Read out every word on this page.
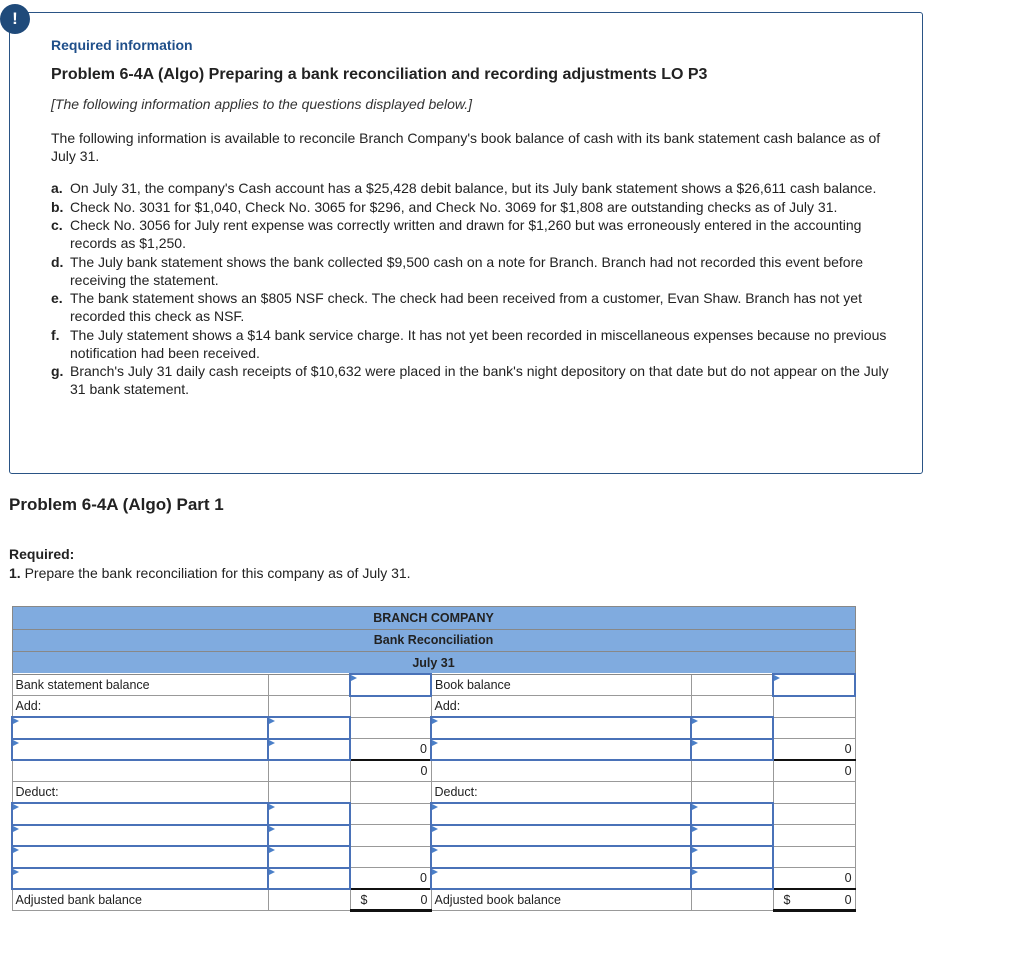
!
Required information
Problem 6-4A (Algo) Preparing a bank reconciliation and recording adjustments LO P3
[The following information applies to the questions displayed below.]
The following information is available to reconcile Branch Company's book balance of cash with its bank statement cash balance as of July 31.
a. On July 31, the company's Cash account has a $25,428 debit balance, but its July bank statement shows a $26,611 cash balance.
b. Check No. 3031 for $1,040, Check No. 3065 for $296, and Check No. 3069 for $1,808 are outstanding checks as of July 31.
c. Check No. 3056 for July rent expense was correctly written and drawn for $1,260 but was erroneously entered in the accounting records as $1,250.
d. The July bank statement shows the bank collected $9,500 cash on a note for Branch. Branch had not recorded this event before receiving the statement.
e. The bank statement shows an $805 NSF check. The check had been received from a customer, Evan Shaw. Branch has not yet recorded this check as NSF.
f. The July statement shows a $14 bank service charge. It has not yet been recorded in miscellaneous expenses because no previous notification had been received.
g. Branch's July 31 daily cash receipts of $10,632 were placed in the bank's night depository on that date but do not appear on the July 31 bank statement.
Problem 6-4A (Algo) Part 1
Required:
1. Prepare the bank reconciliation for this company as of July 31.
BRANCH COMPANY					
Bank Reconciliation					
July 31					
Bank statement balance			Book balance		
Add:			Add:		

		0			0
		0			0
Deduct:			Deduct:		

		0			0
Adjusted bank balance		$ 0	Adjusted book balance		$ 0
